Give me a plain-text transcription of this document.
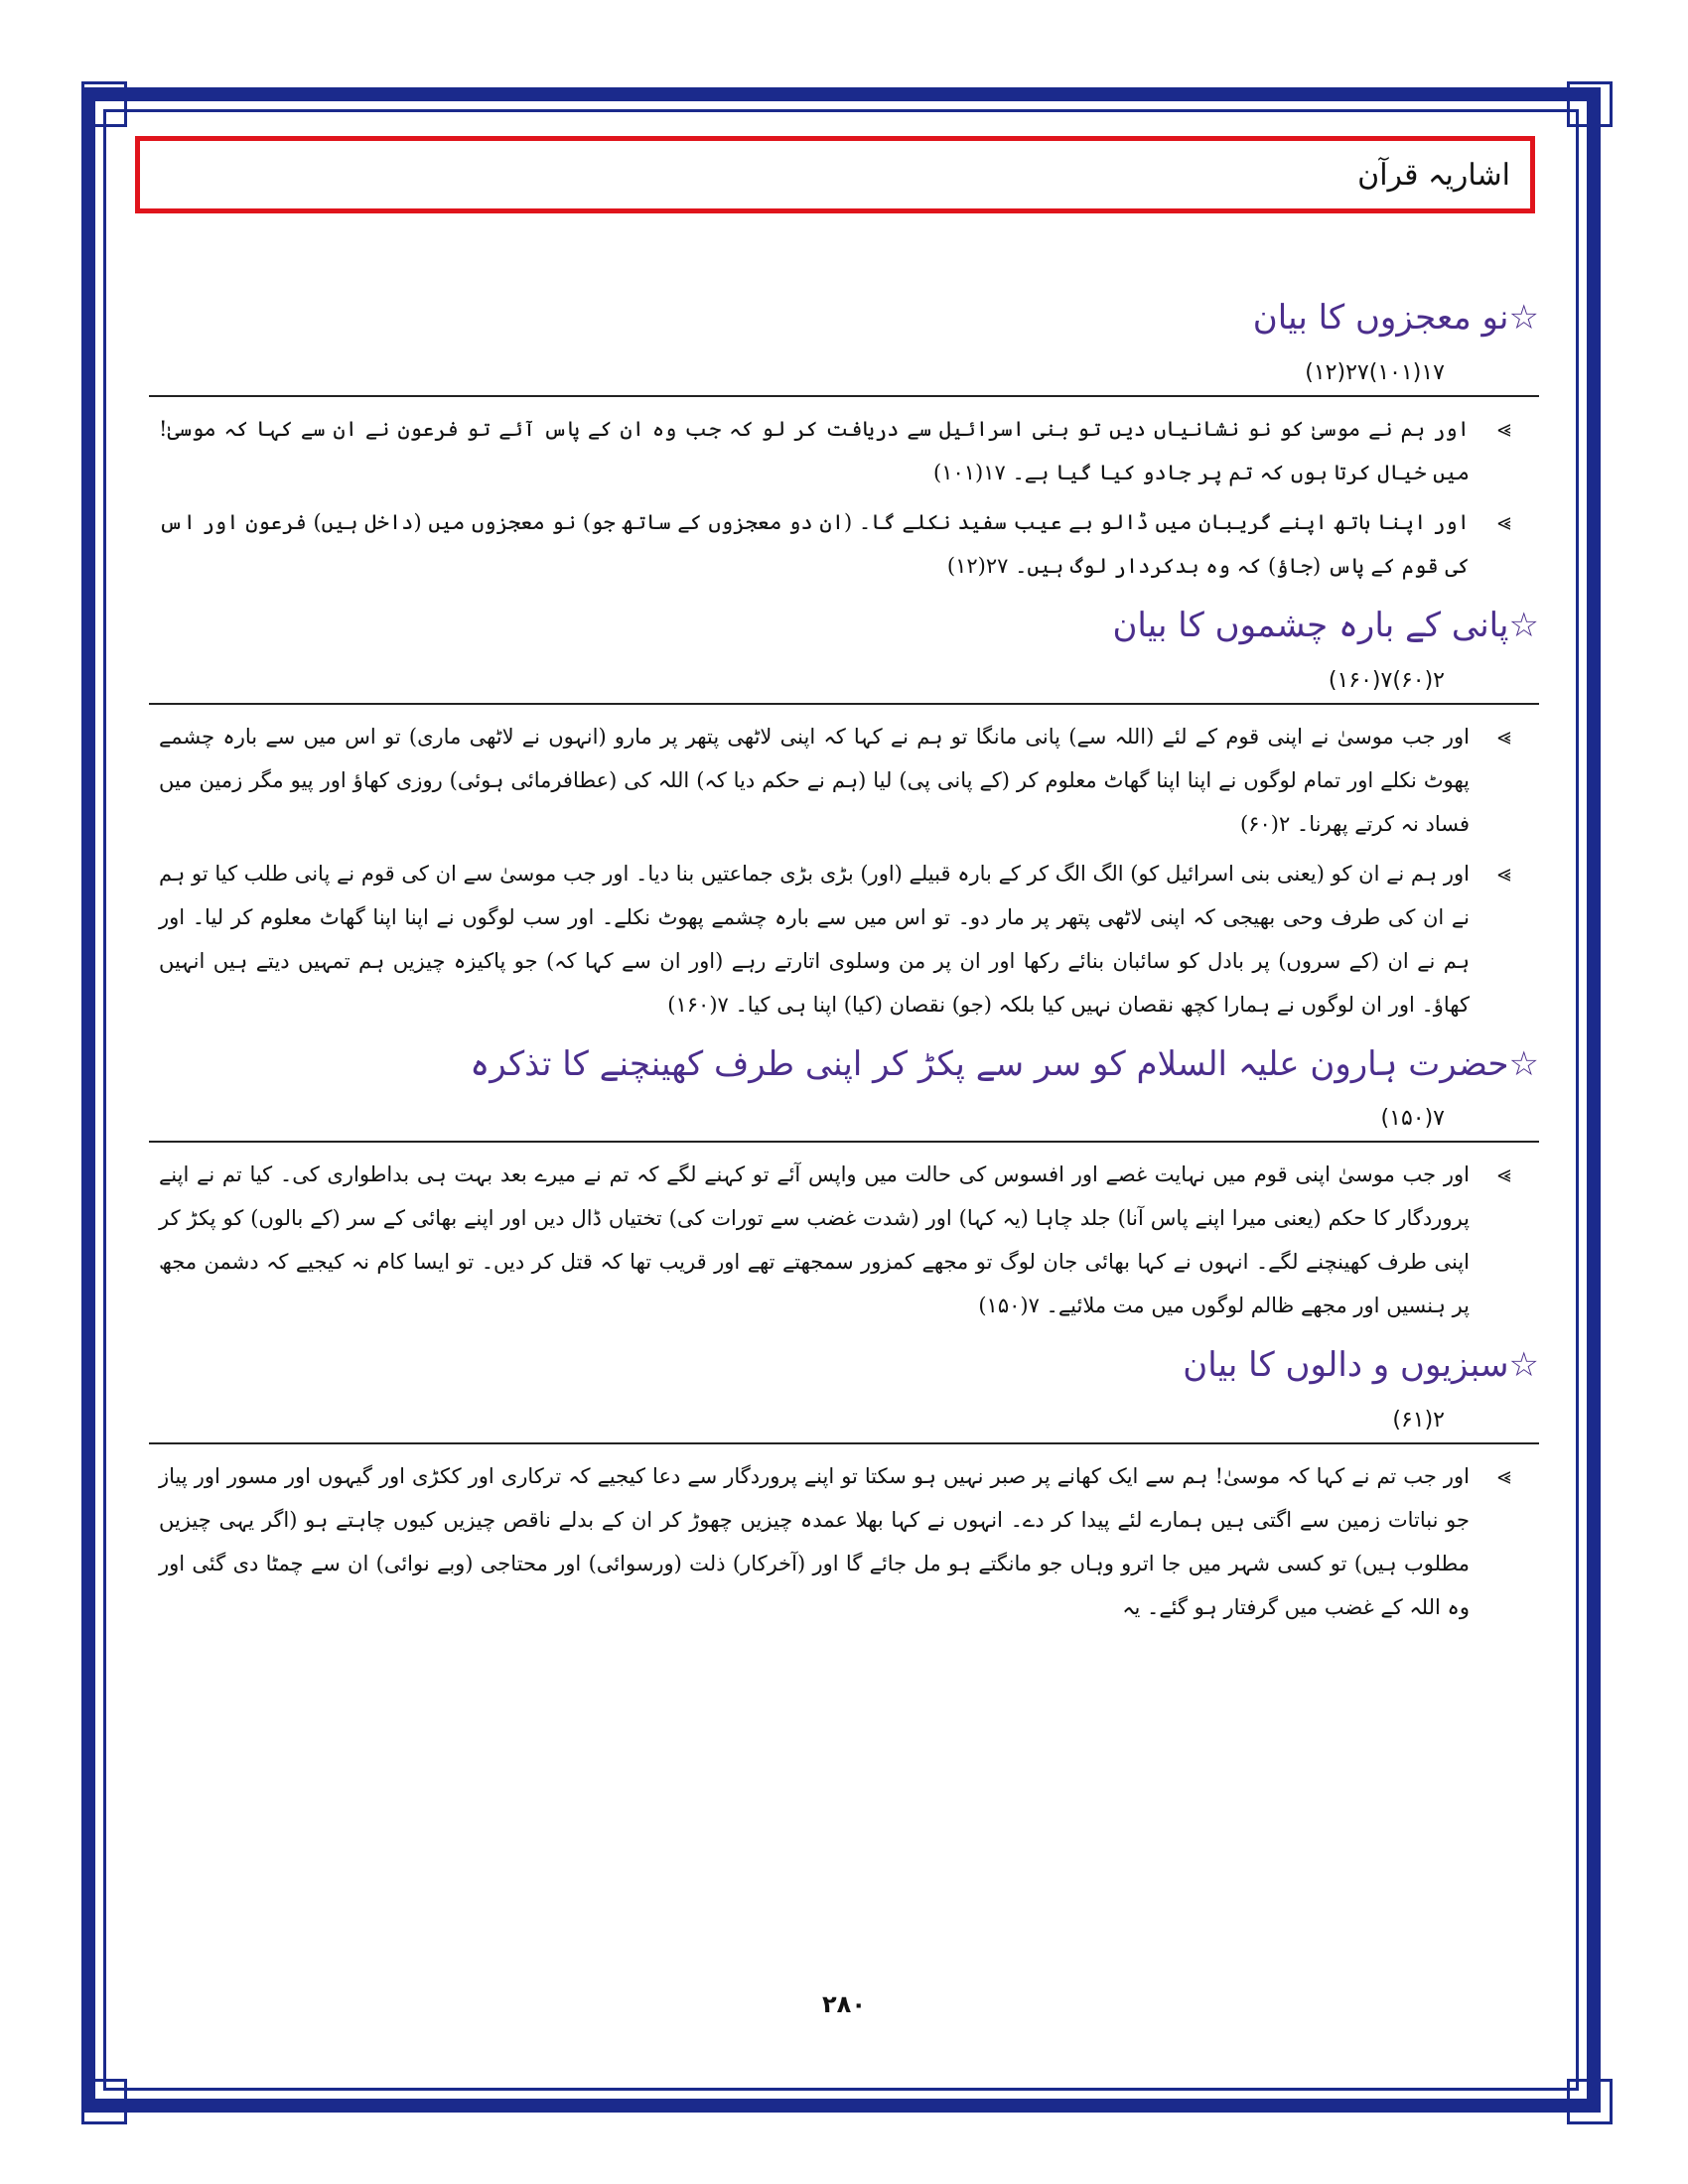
اشاریہ قرآن
☆نو معجزوں کا بیان
۱۷(۱۰۱)۲۷(۱۲)
⪢
اور ہم نے موسیٰ کو نو نشانیاں دیں تو بنی اسرائیل سے دریافت کر لو کہ جب وہ ان کے پاس آئے تو فرعون نے ان سے کہا کہ موسیٰ! میں خیال کرتا ہوں کہ تم پر جادو کیا گیا ہے۔ ۱۷(۱۰۱)
⪢
اور اپنا ہاتھ اپنے گریبان میں ڈالو بے عیب سفید نکلے گا۔ (ان دو معجزوں کے ساتھ جو) نو معجزوں میں (داخل ہیں) فرعون اور اس کی قوم کے پاس (جاؤ) کہ وہ بدکردار لوگ ہیں۔ ۲۷(۱۲)
☆پانی کے بارہ چشموں کا بیان
۲(۶۰)۷(۱۶۰)
⪢
اور جب موسیٰ نے اپنی قوم کے لئے (اللہ سے) پانی مانگا تو ہم نے کہا کہ اپنی لاٹھی پتھر پر مارو (انہوں نے لاٹھی ماری) تو اس میں سے بارہ چشمے پھوٹ نکلے اور تمام لوگوں نے اپنا اپنا گھاٹ معلوم کر (کے پانی پی) لیا (ہم نے حکم دیا کہ) اللہ کی (عطافرمائی ہوئی) روزی کھاؤ اور پیو مگر زمین میں فساد نہ کرتے پھرنا۔ ۲(۶۰)
⪢
اور ہم نے ان کو (یعنی بنی اسرائیل کو) الگ الگ کر کے بارہ قبیلے (اور) بڑی بڑی جماعتیں بنا دیا۔ اور جب موسیٰ سے ان کی قوم نے پانی طلب کیا تو ہم نے ان کی طرف وحی بھیجی کہ اپنی لاٹھی پتھر پر مار دو۔ تو اس میں سے بارہ چشمے پھوٹ نکلے۔ اور سب لوگوں نے اپنا اپنا گھاٹ معلوم کر لیا۔ اور ہم نے ان (کے سروں) پر بادل کو سائبان بنائے رکھا اور ان پر من وسلوی اتارتے رہے (اور ان سے کہا کہ) جو پاکیزہ چیزیں ہم تمہیں دیتے ہیں انہیں کھاؤ۔ اور ان لوگوں نے ہمارا کچھ نقصان نہیں کیا بلکہ (جو) نقصان (کیا) اپنا ہی کیا۔ ۷(۱۶۰)
☆حضرت ہارون علیہ السلام کو سر سے پکڑ کر اپنی طرف کھینچنے کا تذکرہ
۷(۱۵۰)
⪢
اور جب موسیٰ اپنی قوم میں نہایت غصے اور افسوس کی حالت میں واپس آئے تو کہنے لگے کہ تم نے میرے بعد بہت ہی بداطواری کی۔ کیا تم نے اپنے پروردگار کا حکم (یعنی میرا اپنے پاس آنا) جلد چاہا (یہ کہا) اور (شدت غضب سے تورات کی) تختیاں ڈال دیں اور اپنے بھائی کے سر (کے بالوں) کو پکڑ کر اپنی طرف کھینچنے لگے۔ انہوں نے کہا بھائی جان لوگ تو مجھے کمزور سمجھتے تھے اور قریب تھا کہ قتل کر دیں۔ تو ایسا کام نہ کیجیے کہ دشمن مجھ پر ہنسیں اور مجھے ظالم لوگوں میں مت ملائیے۔ ۷(۱۵۰)
☆سبزیوں و دالوں کا بیان
۲(۶۱)
⪢
اور جب تم نے کہا کہ موسیٰ! ہم سے ایک کھانے پر صبر نہیں ہو سکتا تو اپنے پروردگار سے دعا کیجیے کہ ترکاری اور ککڑی اور گیہوں اور مسور اور پیاز جو نباتات زمین سے اگتی ہیں ہمارے لئے پیدا کر دے۔ انہوں نے کہا بھلا عمدہ چیزیں چھوڑ کر ان کے بدلے ناقص چیزیں کیوں چاہتے ہو (اگر یہی چیزیں مطلوب ہیں) تو کسی شہر میں جا اترو وہاں جو مانگتے ہو مل جائے گا اور (آخرکار) ذلت (ورسوائی) اور محتاجی (وبے نوائی) ان سے چمٹا دی گئی اور وہ اللہ کے غضب میں گرفتار ہو گئے۔ یہ
۲۸۰
